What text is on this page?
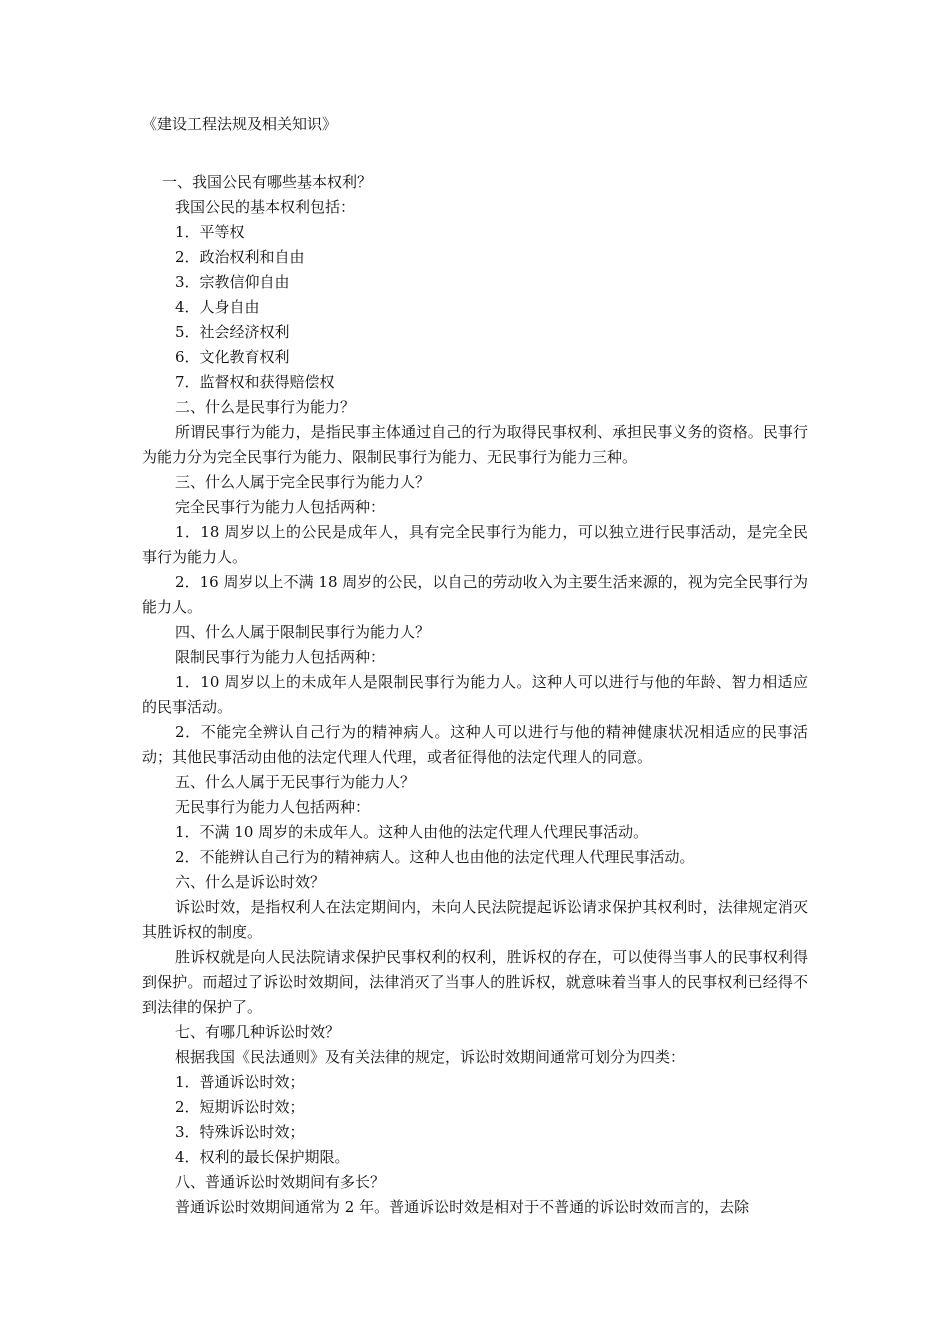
《建设工程法规及相关知识》

一、我国公民有哪些基本权利？

我国公民的基本权利包括：

1．平等权

2．政治权利和自由

3．宗教信仰自由

4．人身自由

5．社会经济权利

6．文化教育权利

7．监督权和获得赔偿权

二、什么是民事行为能力？

所谓民事行为能力，是指民事主体通过自己的行为取得民事权利、承担民事义务的资格。民事行为能力分为完全民事行为能力、限制民事行为能力、无民事行为能力三种。

三、什么人属于完全民事行为能力人？

完全民事行为能力人包括两种：

1．18 周岁以上的公民是成年人，具有完全民事行为能力，可以独立进行民事活动，是完全民事行为能力人。

2．16 周岁以上不满 18 周岁的公民，以自己的劳动收入为主要生活来源的，视为完全民事行为能力人。

四、什么人属于限制民事行为能力人？

限制民事行为能力人包括两种：

1．10 周岁以上的未成年人是限制民事行为能力人。这种人可以进行与他的年龄、智力相适应的民事活动。

2．不能完全辨认自己行为的精神病人。这种人可以进行与他的精神健康状况相适应的民事活动；其他民事活动由他的法定代理人代理，或者征得他的法定代理人的同意。

五、什么人属于无民事行为能力人？

无民事行为能力人包括两种：

1．不满 10 周岁的未成年人。这种人由他的法定代理人代理民事活动。

2．不能辨认自己行为的精神病人。这种人也由他的法定代理人代理民事活动。

六、什么是诉讼时效？

诉讼时效，是指权利人在法定期间内，未向人民法院提起诉讼请求保护其权利时，法律规定消灭其胜诉权的制度。

胜诉权就是向人民法院请求保护民事权利的权利，胜诉权的存在，可以使得当事人的民事权利得到保护。而超过了诉讼时效期间，法律消灭了当事人的胜诉权，就意味着当事人的民事权利已经得不到法律的保护了。

七、有哪几种诉讼时效？

根据我国《民法通则》及有关法律的规定，诉讼时效期间通常可划分为四类：

1．普通诉讼时效；

2．短期诉讼时效；

3．特殊诉讼时效；

4．权利的最长保护期限。

八、普通诉讼时效期间有多长？

普通诉讼时效期间通常为 2 年。普通诉讼时效是相对于不普通的诉讼时效而言的，去除
